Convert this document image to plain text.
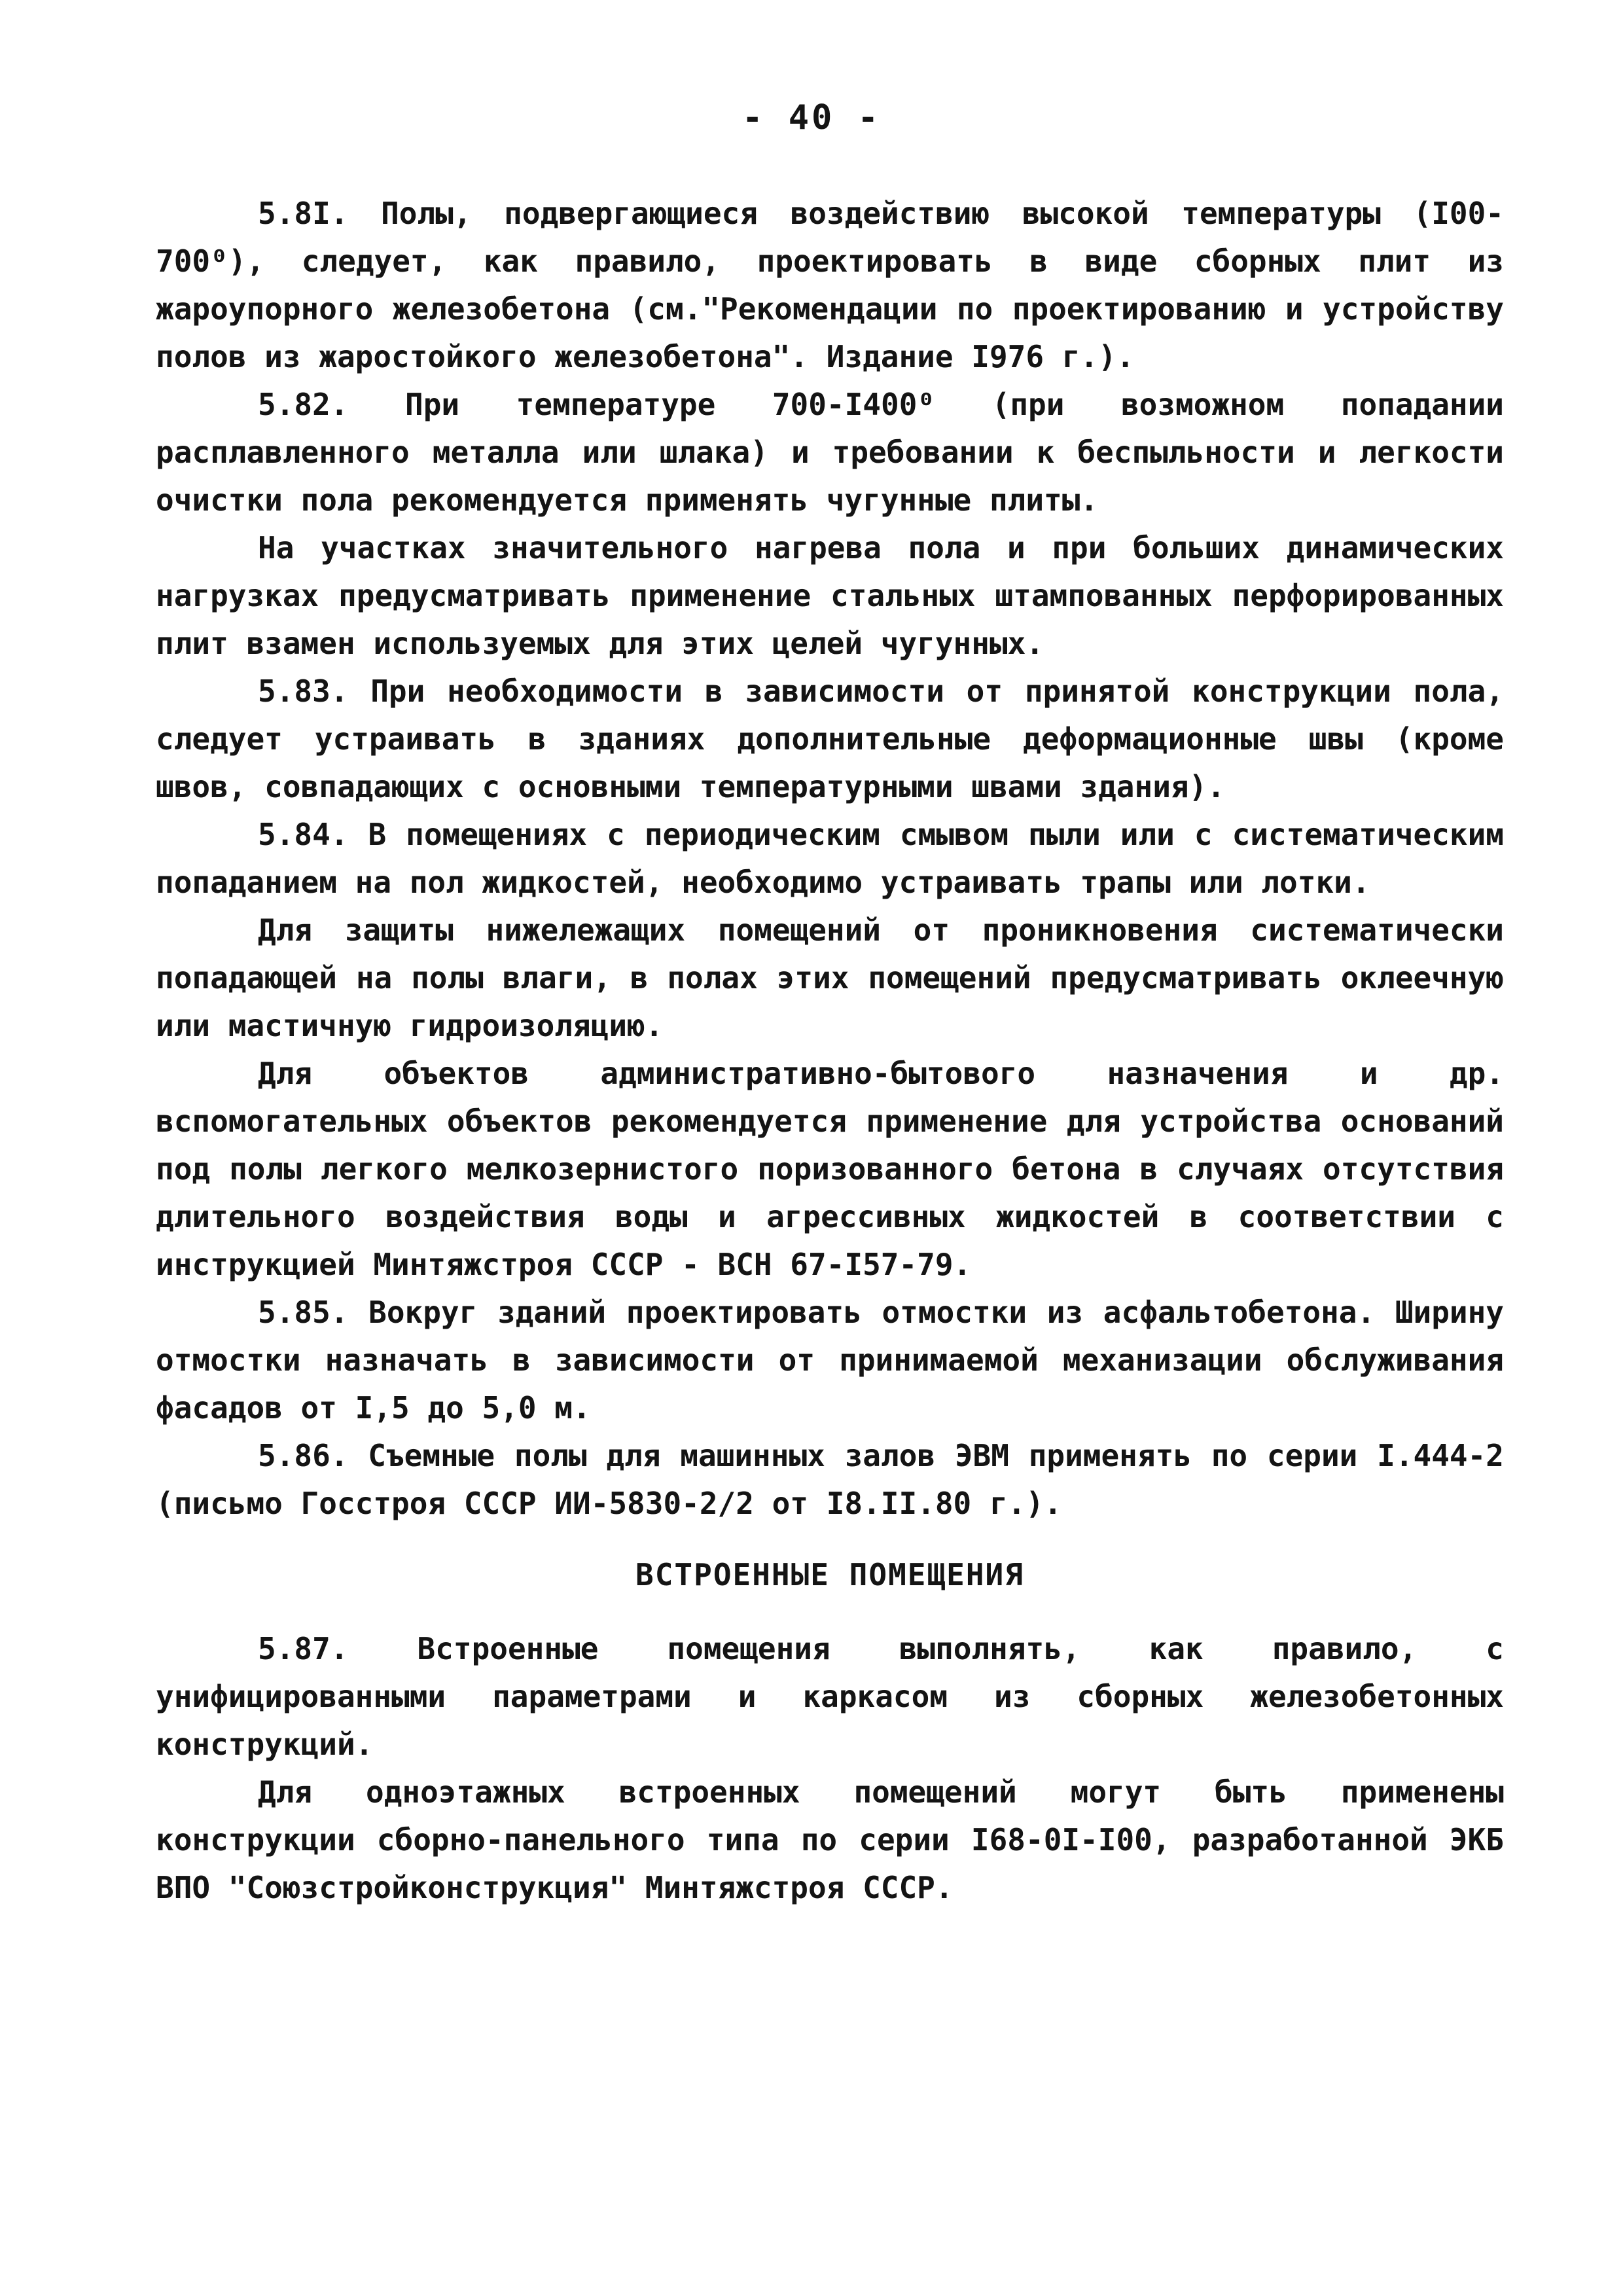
- 40 -

5.8I. Полы, подвергающиеся воздействию высокой температуры (I00-700⁰), следует, как правило, проектировать в виде сборных плит из жароупорного железобетона (см."Рекомендации по проектированию и устройству полов из жаростойкого железобетона". Издание I976 г.).

5.82. При температуре 700-I400⁰ (при возможном попадании расплавленного металла или шлака) и требовании к беспыльности и легкости очистки пола рекомендуется применять чугунные плиты.

На участках значительного нагрева пола и при больших динамических нагрузках предусматривать применение стальных штампованных перфорированных плит взамен используемых для этих целей чугунных.

5.83. При необходимости в зависимости от принятой конструкции пола, следует устраивать в зданиях дополнительные деформационные швы (кроме швов, совпадающих с основными температурными швами здания).

5.84. В помещениях с периодическим смывом пыли или с систематическим попаданием на пол жидкостей, необходимо устраивать трапы или лотки.

Для защиты нижележащих помещений от проникновения систематически попадающей на полы влаги, в полах этих помещений предусматривать оклеечную или мастичную гидроизоляцию.

Для объектов административно-бытового назначения и др. вспомогательных объектов рекомендуется применение для устройства оснований под полы легкого мелкозернистого поризованного бетона в случаях отсутствия длительного воздействия воды и агрессивных жидкостей в соответствии с инструкцией Минтяжстроя СССР - ВСН 67-I57-79.

5.85. Вокруг зданий проектировать отмостки из асфальтобетона. Ширину отмостки назначать в зависимости от принимаемой механизации обслуживания фасадов от I,5 до 5,0 м.

5.86. Съемные полы для машинных залов ЭВМ применять по серии I.444-2 (письмо Госстроя СССР ИИ-5830-2/2 от I8.II.80 г.).

ВСТРОЕННЫЕ ПОМЕЩЕНИЯ

5.87. Встроенные помещения выполнять, как правило, с унифицированными параметрами и каркасом из сборных железобетонных конструкций.

Для одноэтажных встроенных помещений могут быть применены конструкции сборно-панельного типа по серии I68-0I-I00, разработанной ЭКБ ВПО "Союзстройконструкция" Минтяжстроя СССР.
